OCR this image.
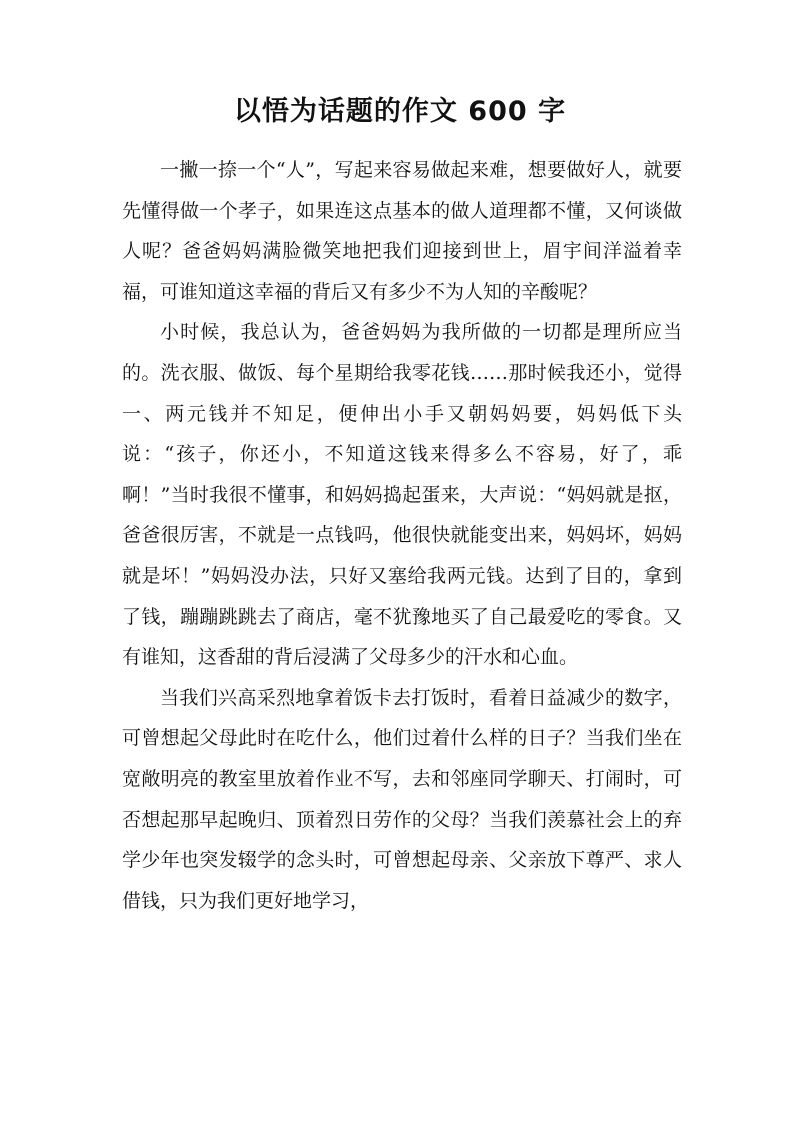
以悟为话题的作文 600 字

一撇一捺一个“人”，写起来容易做起来难，想要做好人，就要先懂得做一个孝子，如果连这点基本的做人道理都不懂，又何谈做人呢？爸爸妈妈满脸微笑地把我们迎接到世上，眉宇间洋溢着幸福，可谁知道这幸福的背后又有多少不为人知的辛酸呢？

小时候，我总认为，爸爸妈妈为我所做的一切都是理所应当的。洗衣服、做饭、每个星期给我零花钱……那时候我还小，觉得一、两元钱并不知足，便伸出小手又朝妈妈要，妈妈低下头说：“孩子，你还小，不知道这钱来得多么不容易，好了，乖啊！”当时我很不懂事，和妈妈捣起蛋来，大声说：“妈妈就是抠，爸爸很厉害，不就是一点钱吗，他很快就能变出来，妈妈坏，妈妈就是坏！”妈妈没办法，只好又塞给我两元钱。达到了目的，拿到了钱，蹦蹦跳跳去了商店，毫不犹豫地买了自己最爱吃的零食。又有谁知，这香甜的背后浸满了父母多少的汗水和心血。

当我们兴高采烈地拿着饭卡去打饭时，看着日益减少的数字，可曾想起父母此时在吃什么，他们过着什么样的日子？当我们坐在宽敞明亮的教室里放着作业不写，去和邻座同学聊天、打闹时，可否想起那早起晚归、顶着烈日劳作的父母？当我们羡慕社会上的弃学少年也突发辍学的念头时，可曾想起母亲、父亲放下尊严、求人借钱，只为我们更好地学习，
